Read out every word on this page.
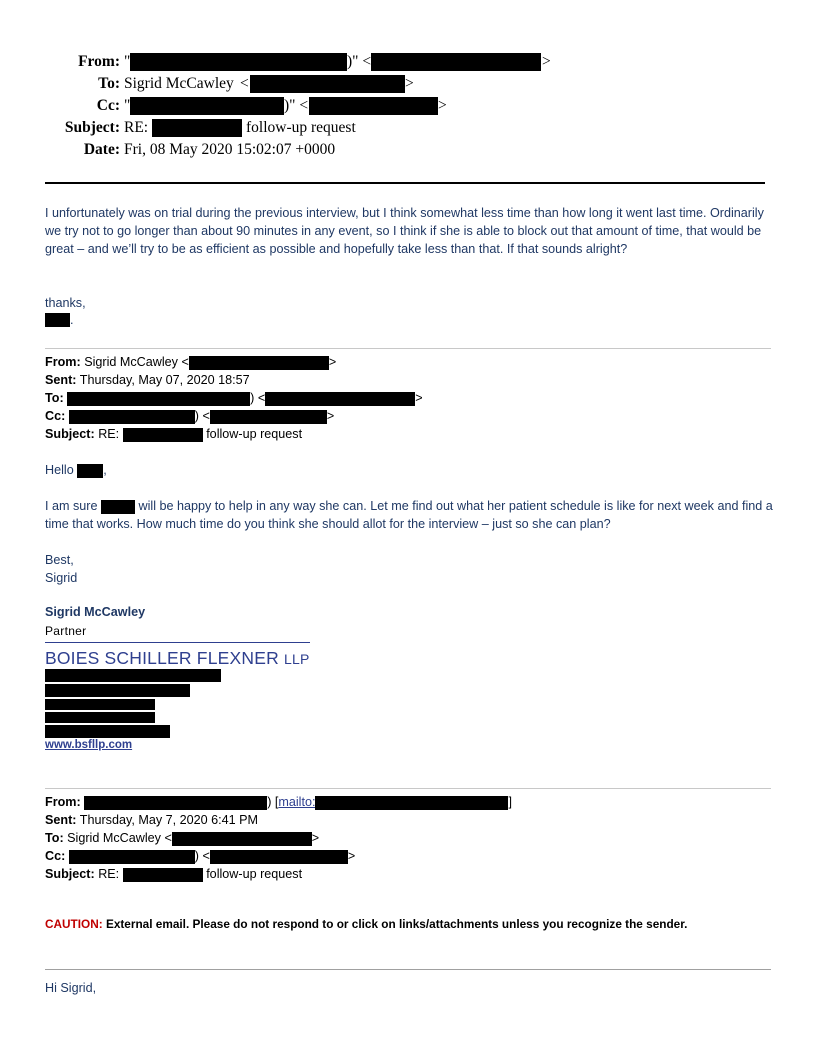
From: "	)" <	>
To: Sigrid McCawley <	>
Cc: "	)" <	>
Subject: RE:	follow-up request
Date: Fri, 08 May 2020 15:02:07 +0000
I unfortunately was on trial during the previous interview, but I think somewhat less time than how long it went last time. Ordinarily we try not to go longer than about 90 minutes in any event, so I think if she is able to block out that amount of time, that would be great – and we’ll try to be as efficient as possible and hopefully take less than that. If that sounds alright?
thanks,
.
From: Sigrid McCawley <	>
Sent: Thursday, May 07, 2020 18:57
To:	) <	>
Cc:	) <	>
Subject: RE:	follow-up request
Hello ,
I am sure	will be happy to help in any way she can. Let me find out what her patient schedule is like for next week and find a time that works. How much time do you think she should allot for the interview – just so she can plan?
Best,
Sigrid
Sigrid McCawley
Partner
BOIES SCHILLER FLEXNER LLP
www.bsfllp.com
From:	) [mailto:	]
Sent: Thursday, May 7, 2020 6:41 PM
To: Sigrid McCawley <	>
Cc:	) <	>
Subject: RE:	follow-up request
CAUTION: External email. Please do not respond to or click on links/attachments unless you recognize the sender.
Hi Sigrid,
